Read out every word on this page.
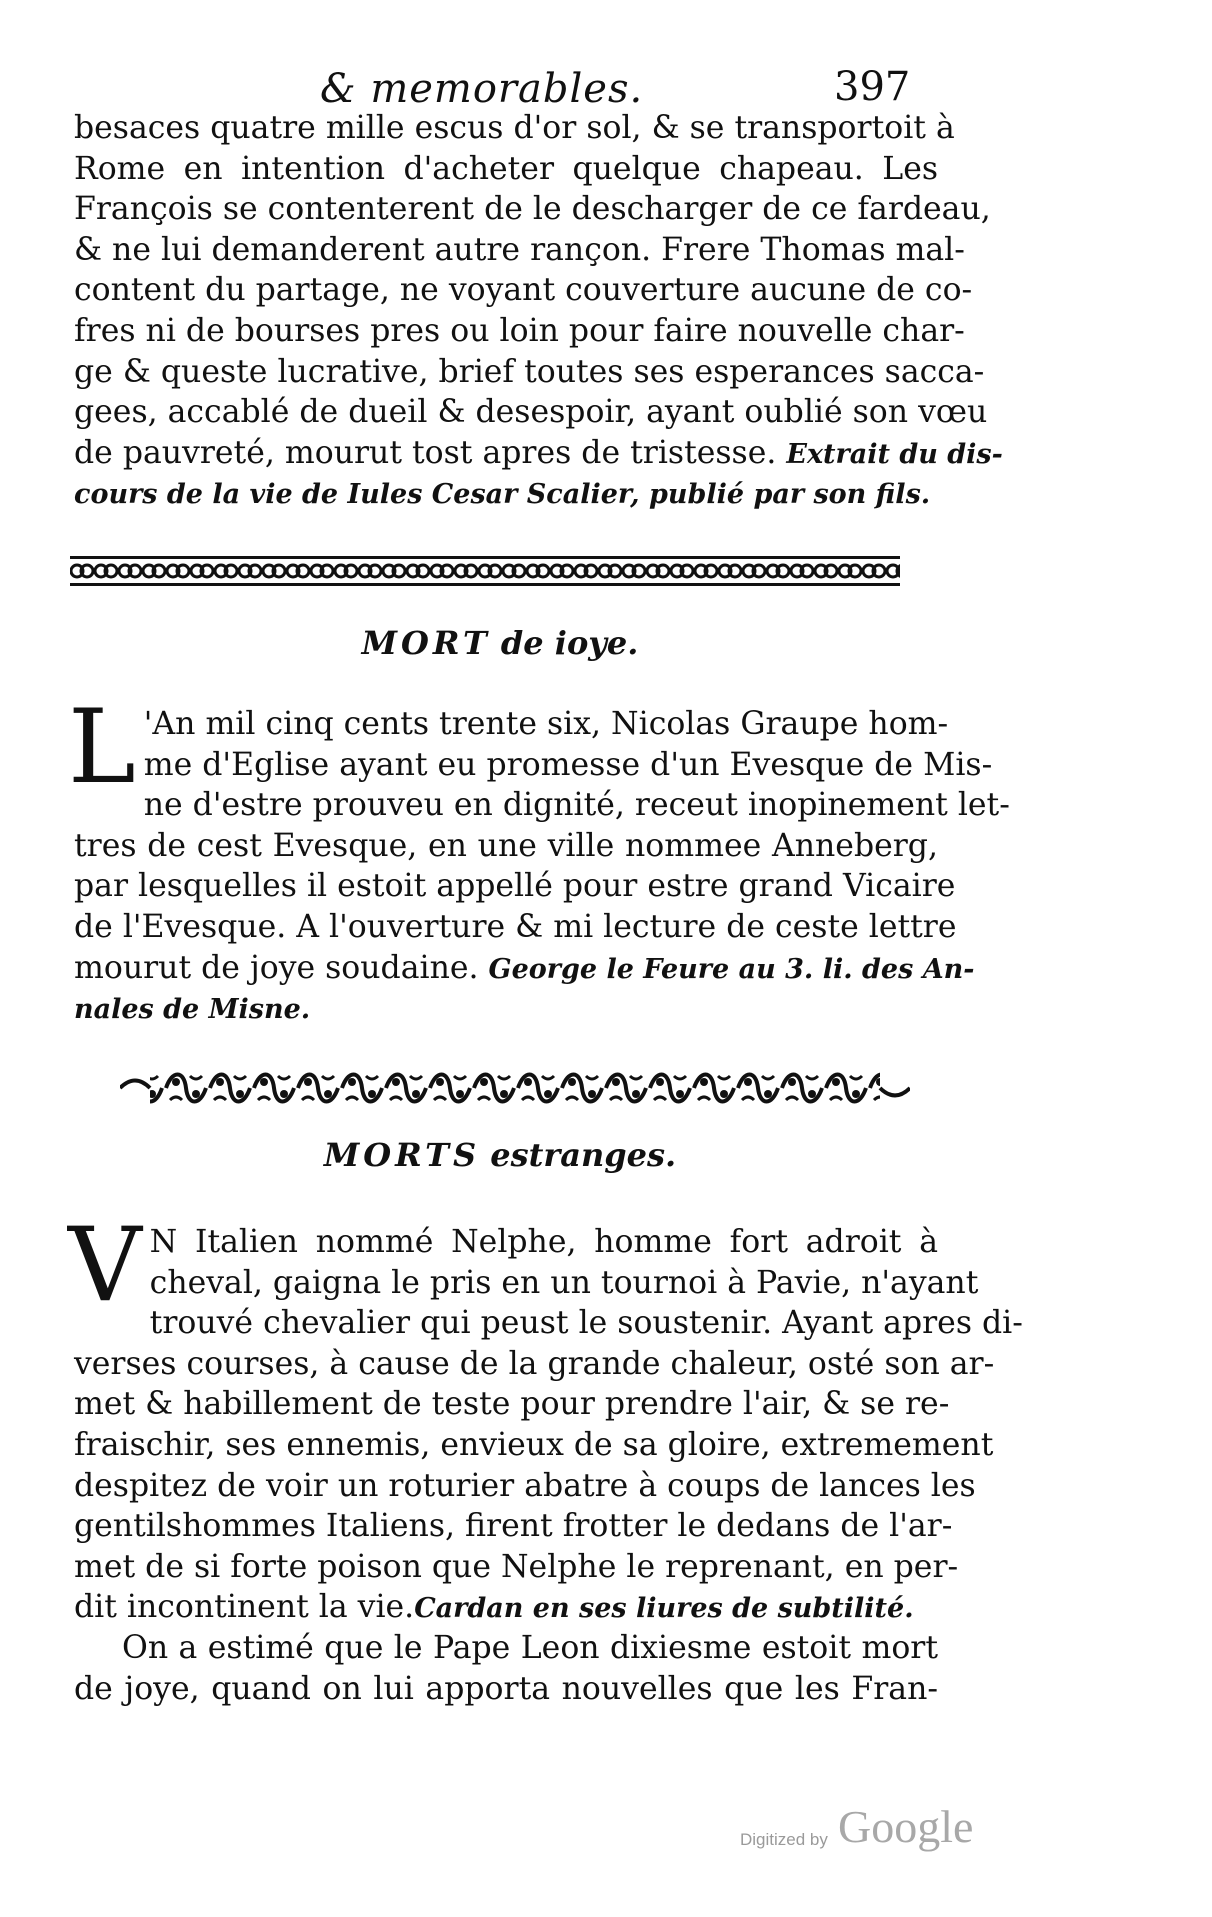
& memorables.	397
besaces quatre mille escus d'or sol, & se transportoit à
Rome en intention d'acheter quelque chapeau. Les
François se contenterent de le descharger de ce fardeau,
& ne lui demanderent autre rançon. Frere Thomas mal-
content du partage, ne voyant couverture aucune de co-
fres ni de bourses pres ou loin pour faire nouvelle char-
ge & queste lucrative, brief toutes ses esperances sacca-
gees, accablé de dueil & desespoir, ayant oublié son vœu
de pauvreté, mourut tost apres de tristesse. Extrait du dis-
cours de la vie de Iules Cesar Scalier, publié par son fils.
MORT de ioye.
L 'An mil cinq cents trente six, Nicolas Graupe hom-
me d'Eglise ayant eu promesse d'un Evesque de Mis-
ne d'estre prouveu en dignité, receut inopinement let-
tres de cest Evesque, en une ville nommee Anneberg,
par lesquelles il estoit appellé pour estre grand Vicaire
de l'Evesque. A l'ouverture & mi lecture de ceste lettre
mourut de joye soudaine. George le Feure au 3. li. des An-
nales de Misne.
MORTS estranges.
V N Italien nommé Nelphe, homme fort adroit à
cheval, gaigna le pris en un tournoi à Pavie, n'ayant
trouvé chevalier qui peust le soustenir. Ayant apres di-
verses courses, à cause de la grande chaleur, osté son ar-
met & habillement de teste pour prendre l'air, & se re-
fraischir, ses ennemis, envieux de sa gloire, extremement
despitez de voir un roturier abatre à coups de lances les
gentilshommes Italiens, firent frotter le dedans de l'ar-
met de si forte poison que Nelphe le reprenant, en per-
dit incontinent la vie.Cardan en ses liures de subtilité.
On a estimé que le Pape Leon dixiesme estoit mort
de joye, quand on lui apporta nouvelles que les Fran-
Digitized by Google
